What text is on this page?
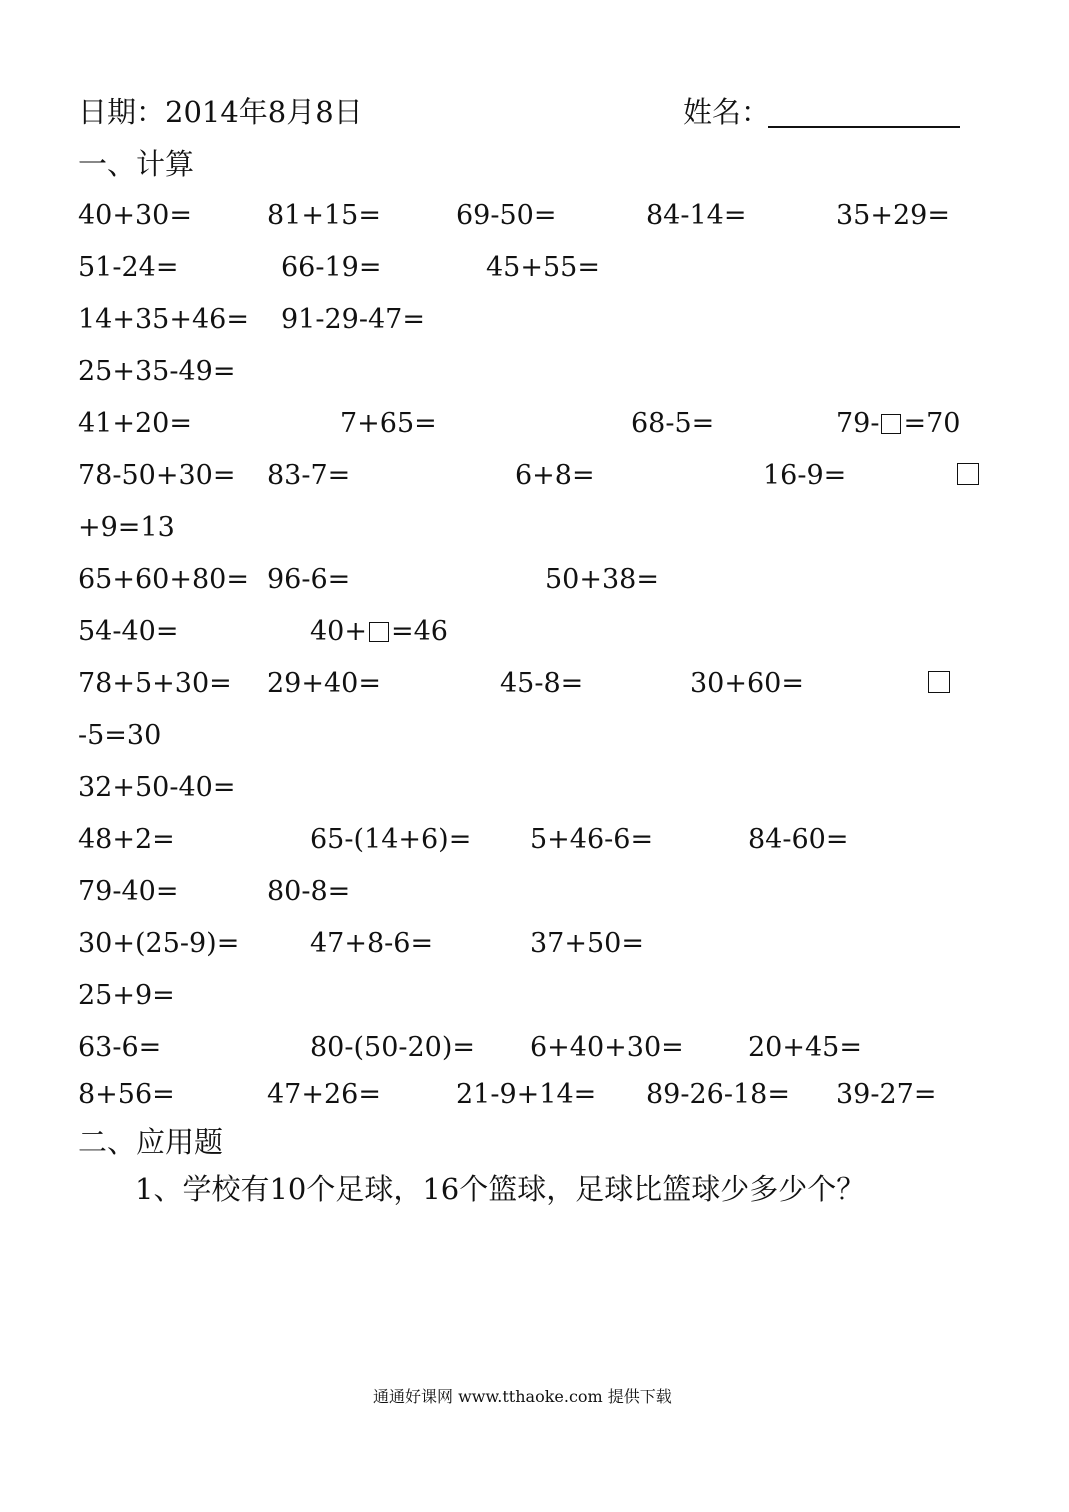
日期：2014年8月8日	姓名：
一、计算
40+30=	81+15=	69-50=	84-14=	35+29=
51-24=	66-19=	45+55=
14+35+46= 91-29-47=
25+35-49=
41+20=	7+65=	68-5=	79- =70
78-50+30= 83-7=	6+8=	16-9=
+9=13
65+60+80= 96-6=	50+38=
54-40=	40+ =46
78+5+30= 29+40=	45-8=	30+60=
-5=30
32+50-40=
48+2=	65-(14+6)= 5+46-6=	84-60=
79-40=	80-8=
30+(25-9)=	47+8-6=	37+50=
25+9=
63-6=	80-(50-20)= 6+40+30= 20+45=
8+56=	47+26=	21-9+14= 89-26-18= 39-27=
二、应用题
1、学校有10个足球，16个篮球，足球比篮球少多少个？
通通好课网 www.tthaoke.com 提供下载
